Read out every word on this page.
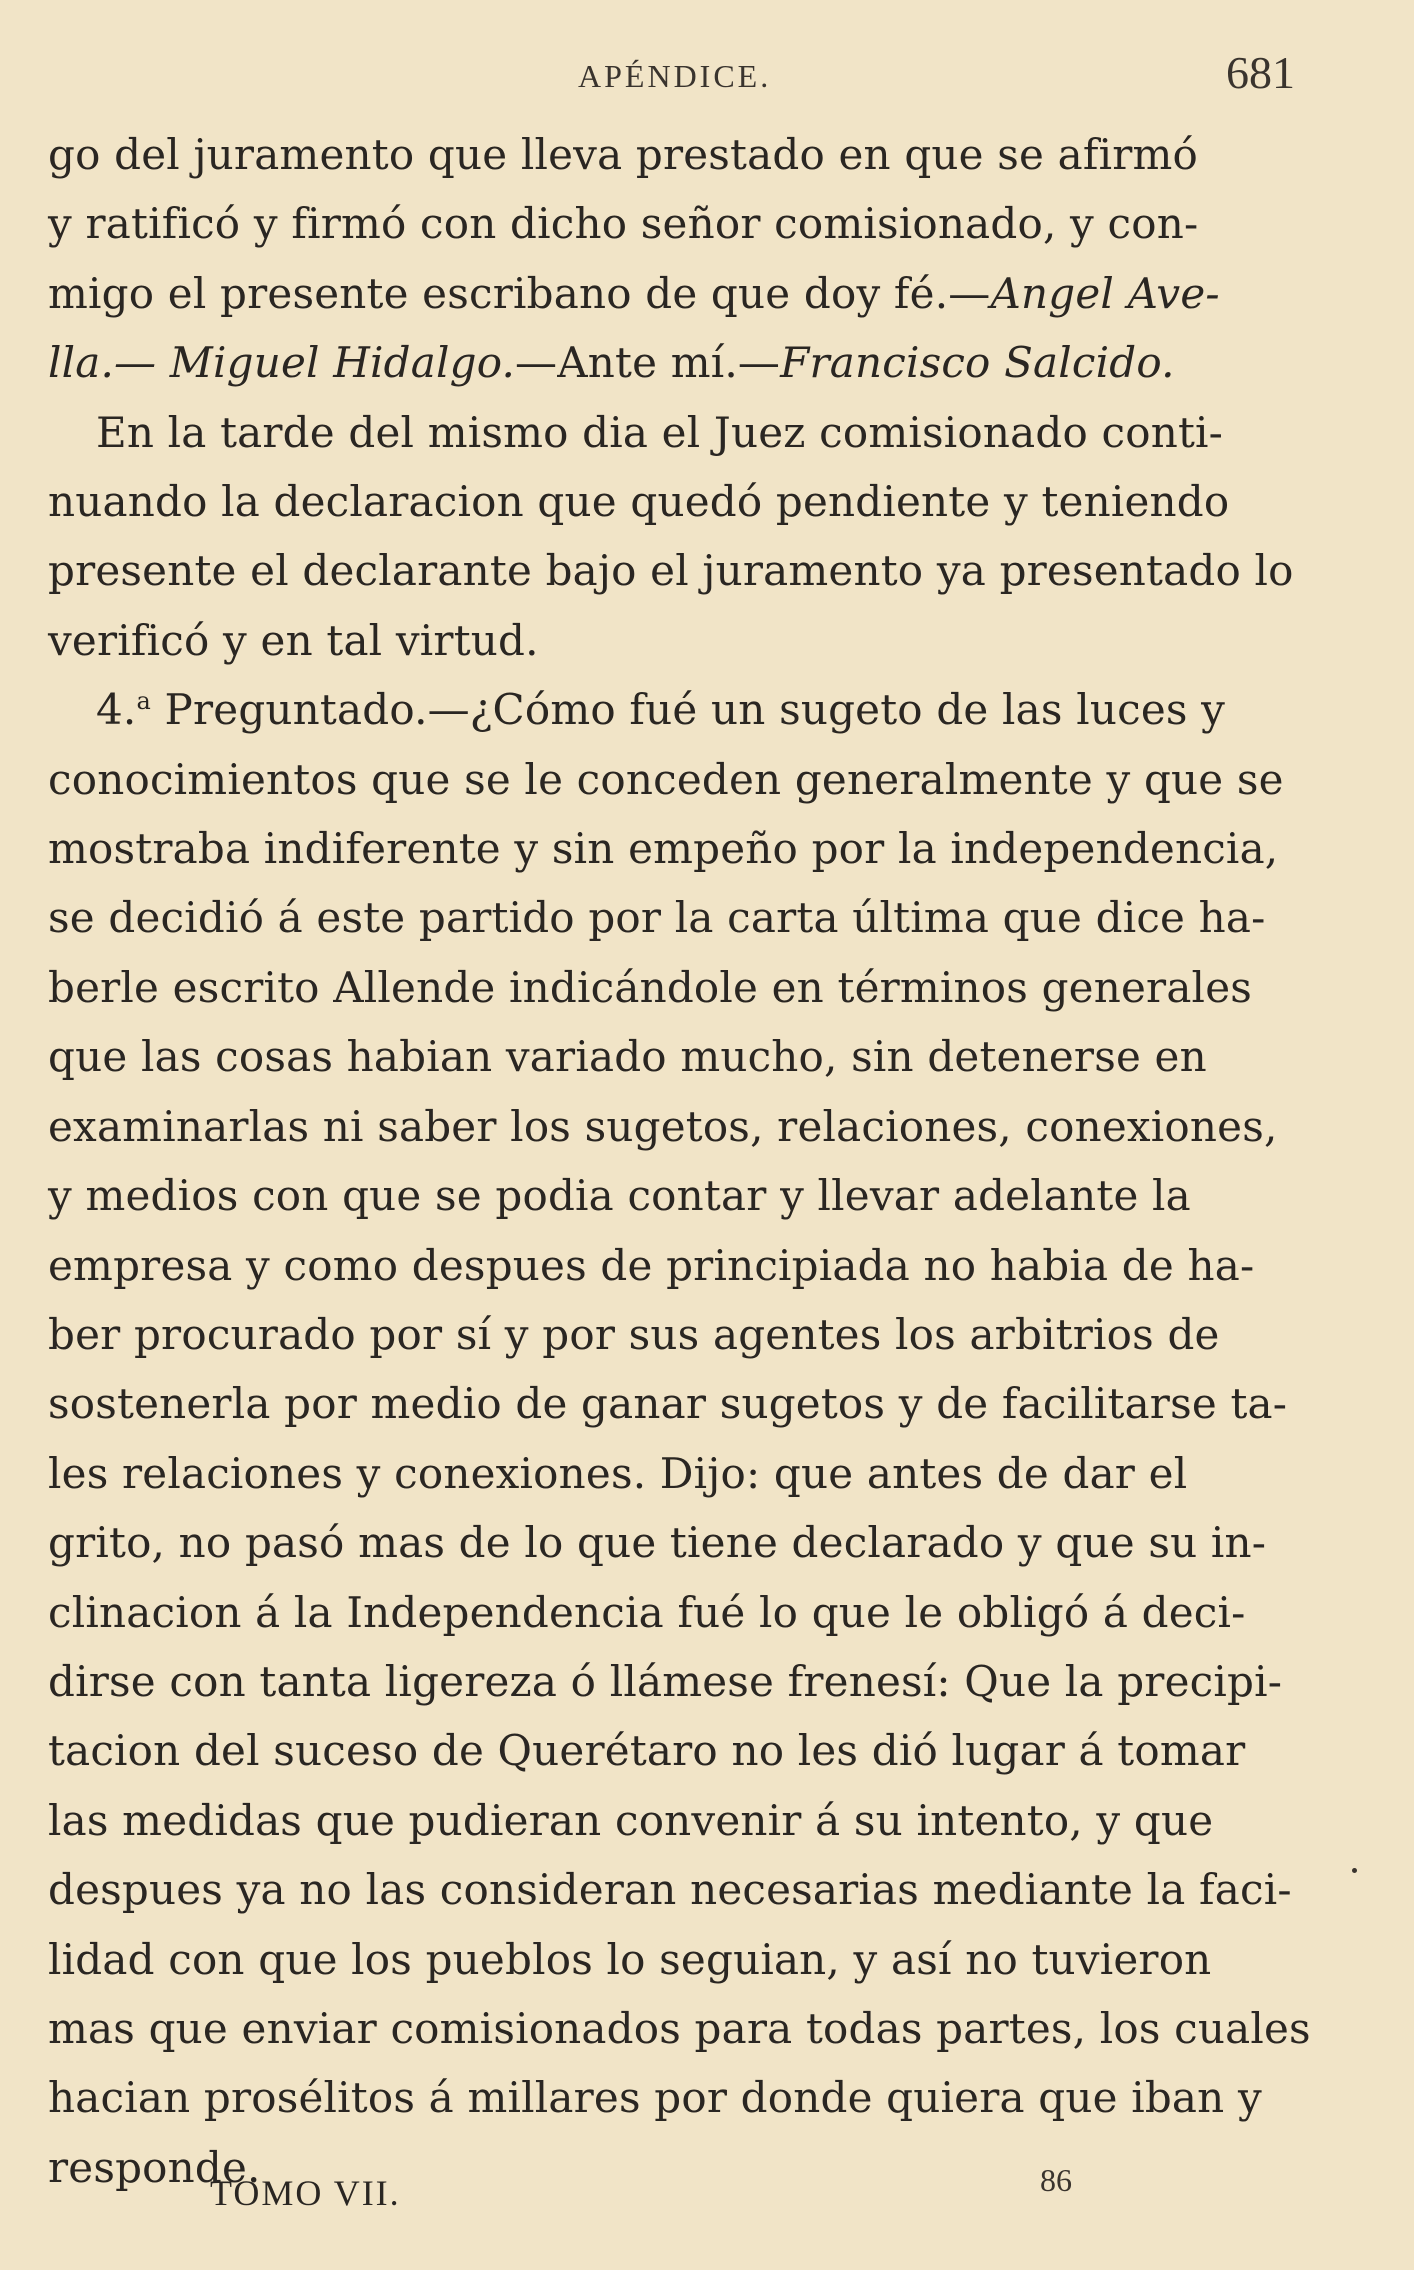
APÉNDICE.	681
go del juramento que lleva prestado en que se afirmó
y ratificó y firmó con dicho señor comisionado, y con-
migo el presente escribano de que doy fé.—Angel Ave-
lla.— Miguel Hidalgo.—Ante mí.—Francisco Salcido.
En la tarde del mismo dia el Juez comisionado conti-
nuando la declaracion que quedó pendiente y teniendo
presente el declarante bajo el juramento ya presentado lo
verificó y en tal virtud.
4.$^a$ Preguntado.—¿Cómo fué un sugeto de las luces y
conocimientos que se le conceden generalmente y que se
mostraba indiferente y sin empeño por la independencia,
se decidió á este partido por la carta última que dice ha-
berle escrito Allende indicándole en términos generales
que las cosas habian variado mucho, sin detenerse en
examinarlas ni saber los sugetos, relaciones, conexiones,
y medios con que se podia contar y llevar adelante la
empresa y como despues de principiada no habia de ha-
ber procurado por sí y por sus agentes los arbitrios de
sostenerla por medio de ganar sugetos y de facilitarse ta-
les relaciones y conexiones. Dijo: que antes de dar el
grito, no pasó mas de lo que tiene declarado y que su in-
clinacion á la Independencia fué lo que le obligó á deci-
dirse con tanta ligereza ó llámese frenesí: Que la precipi-
tacion del suceso de Querétaro no les dió lugar á tomar
las medidas que pudieran convenir á su intento, y que
despues ya no las consideran necesarias mediante la faci-
lidad con que los pueblos lo seguian, y así no tuvieron
mas que enviar comisionados para todas partes, los cuales
hacian prosélitos á millares por donde quiera que iban y
responde.
TOMO VII.	86
